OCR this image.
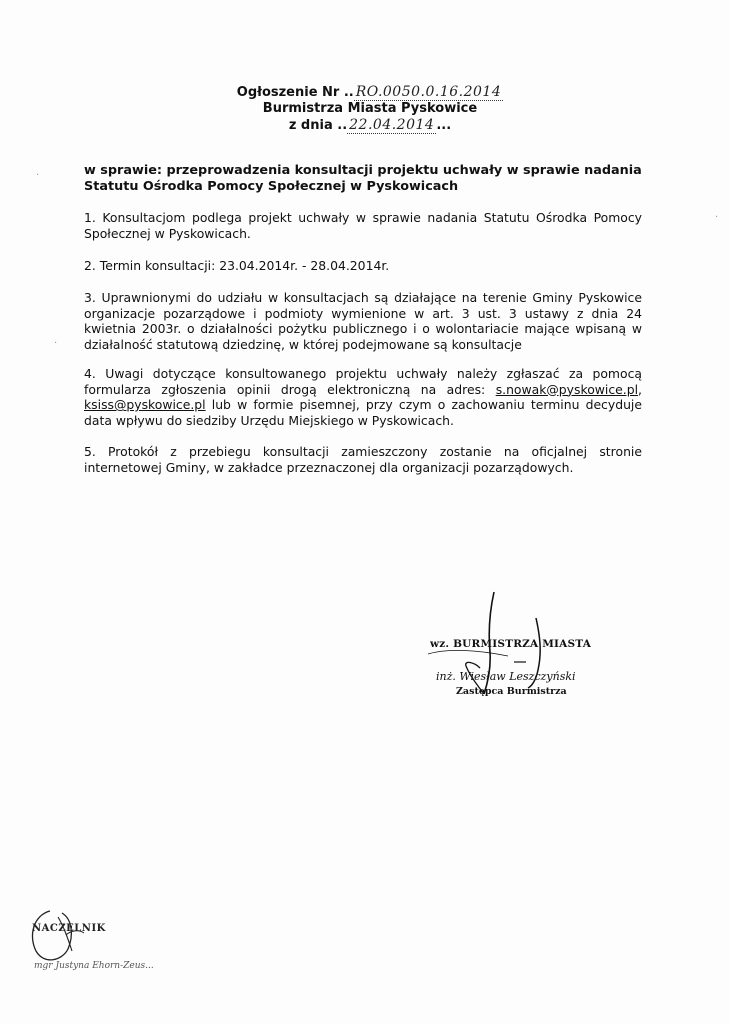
Ogłoszenie Nr .. RO.0050.0.16.2014
Burmistrza Miasta Pyskowice
z dnia .. 22.04.2014 ...
w sprawie: przeprowadzenia konsultacji projektu uchwały w sprawie nadania Statutu Ośrodka Pomocy Społecznej w Pyskowicach
1. Konsultacjom podlega projekt uchwały w sprawie nadania Statutu Ośrodka Pomocy Społecznej w Pyskowicach.
2. Termin konsultacji: 23.04.2014r. - 28.04.2014r.
3. Uprawnionymi do udziału w konsultacjach są działające na terenie Gminy Pyskowice organizacje pozarządowe i podmioty wymienione w art. 3 ust. 3 ustawy z dnia 24 kwietnia 2003r. o działalności pożytku publicznego i o wolontariacie mające wpisaną w działalność statutową dziedzinę, w której podejmowane są konsultacje
4. Uwagi dotyczące konsultowanego projektu uchwały należy zgłaszać za pomocą formularza zgłoszenia opinii drogą elektroniczną na adres: s.nowak@pyskowice.pl, ksiss@pyskowice.pl lub w formie pisemnej, przy czym o zachowaniu terminu decyduje data wpływu do siedziby Urzędu Miejskiego w Pyskowicach.
5. Protokół z przebiegu konsultacji zamieszczony zostanie na oficjalnej stronie internetowej Gminy, w zakładce przeznaczonej dla organizacji pozarządowych.
wz. BURMISTRZA MIASTA
inż. Wiesław Leszczyński
Zastępca Burmistrza
NACZELNIK
mgr Justyna Ehorn-Zeus...
·
·
·
